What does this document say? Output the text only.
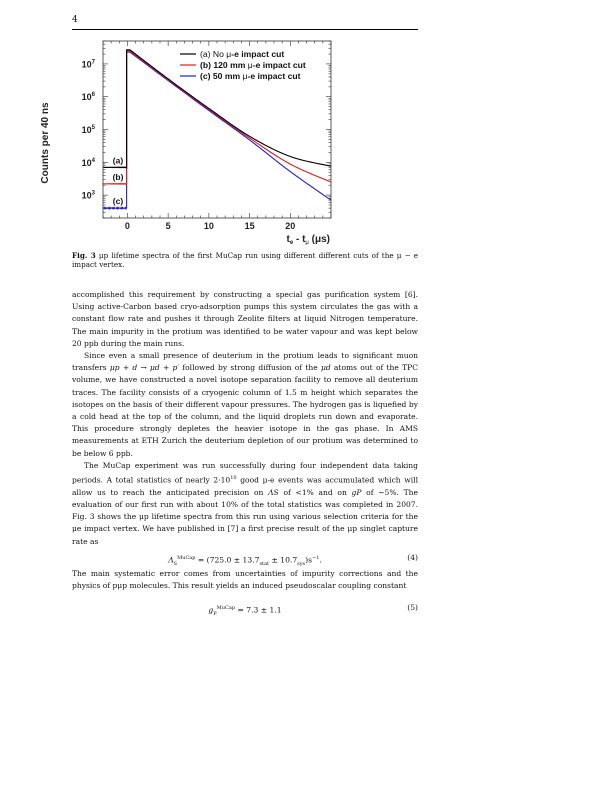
4
$10^3$
$10^4$
$10^5$
$10^6$
$10^7$
0	5	10	15	20
Counts per 40 ns
$t_e - t_\mu$ (μs)
(a) No μ-e impact cut
(b) 120 mm μ-e impact cut
(c) 50 mm μ-e impact cut
(a)
(b)
(c)
Fig. 3 μp lifetime spectra of the first MuCap run using different different cuts of the μ − e impact vertex.

accomplished this requirement by constructing a special gas purification system [6]. Using active-Carbon based cryo-adsorption pumps this system circulates the gas with a constant flow rate and pushes it through Zeolite filters at liquid Nitrogen temperature. The main impurity in the protium was identified to be water vapour and was kept below 20 ppb during the main runs.

Since even a small presence of deuterium in the protium leads to significant muon transfers μp + d → μd + p′ followed by strong diffusion of the μd atoms out of the TPC volume, we have constructed a novel isotope separation facility to remove all deuterium traces. The facility consists of a cryogenic column of 1.5 m height which separates the isotopes on the basis of their different vapour pressures. The hydrogen gas is liquefied by a cold head at the top of the column, and the liquid droplets run down and evaporate. This procedure strongly depletes the heavier isotope in the gas phase. In AMS measurements at ETH Zurich the deuterium depletion of our protium was determined to be below 6 ppb.

The MuCap experiment was run successfully during four independent data taking periods. A total statistics of nearly $2\cdot 10^{10}$ good μ-e events was accumulated which will allow us to reach the anticipated precision on ΛS of <1% and on gP of ∼5%. The evaluation of our first run with about 10% of the total statistics was completed in 2007. Fig. 3 shows the μp lifetime spectra from this run using various selection criteria for the μe impact vertex. We have published in [7] a first precise result of the μp singlet capture rate as

$\Lambda_S^{MuCap} = (725.0 \pm 13.7_{stat} \pm 10.7_{sys})s^{-1}$.	(4)

The main systematic error comes from uncertainties of impurity corrections and the physics of pμp molecules. This result yields an induced pseudoscalar coupling constant

$g_P^{MuCap} = 7.3 \pm 1.1$	(5)
